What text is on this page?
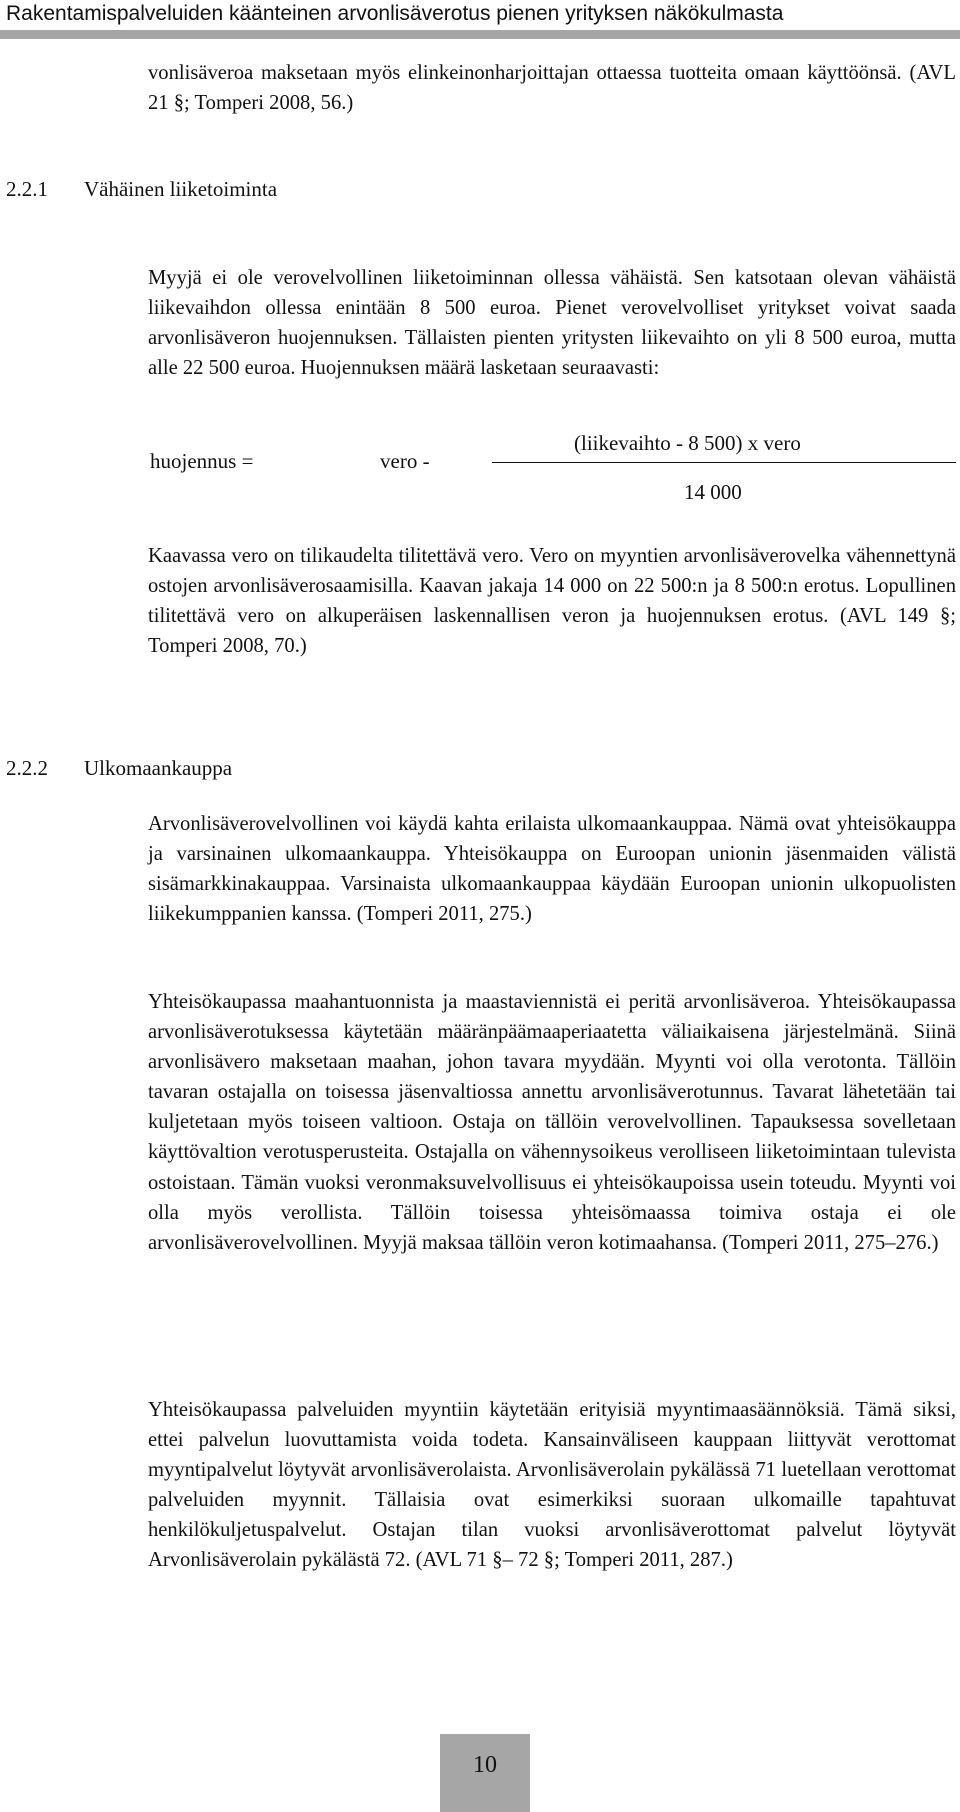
Rakentamispalveluiden käänteinen arvonlisäverotus pienen yrityksen näkökulmasta

vonlisäveroa maksetaan myös elinkeinonharjoittajan ottaessa tuotteita omaan käyttöönsä. (AVL 21 §; Tomperi 2008, 56.)

2.2.1 Vähäinen liiketoiminta

Myyjä ei ole verovelvollinen liiketoiminnan ollessa vähäistä. Sen katsotaan olevan vähäistä liikevaihdon ollessa enintään 8 500 euroa. Pienet verovelvolliset yritykset voivat saada arvonlisäveron huojennuksen. Tällaisten pienten yritysten liikevaihto on yli 8 500 euroa, mutta alle 22 500 euroa. Huojennuksen määrä lasketaan seuraavasti:

huojennus =	vero -
(liikevaihto - 8 500) x vero
14 000

Kaavassa vero on tilikaudelta tilitettävä vero. Vero on myyntien arvonlisäverovelka vähennettynä ostojen arvonlisäverosaamisilla. Kaavan jakaja 14 000 on 22 500:n ja 8 500:n erotus. Lopullinen tilitettävä vero on alkuperäisen laskennallisen veron ja huojennuksen erotus. (AVL 149 §; Tomperi 2008, 70.)

2.2.2 Ulkomaankauppa

Arvonlisäverovelvollinen voi käydä kahta erilaista ulkomaankauppaa. Nämä ovat yhteisökauppa ja varsinainen ulkomaankauppa. Yhteisökauppa on Euroopan unionin jäsenmaiden välistä sisämarkkinakauppaa. Varsinaista ulkomaankauppaa käydään Euroopan unionin ulkopuolisten liikekumppanien kanssa. (Tomperi 2011, 275.)

Yhteisökaupassa maahantuonnista ja maastaviennistä ei peritä arvonlisäveroa. Yhteisökaupassa arvonlisäverotuksessa käytetään määränpäämaaperiaatetta väliaikaisena järjestelmänä. Siinä arvonlisävero maksetaan maahan, johon tavara myydään. Myynti voi olla verotonta. Tällöin tavaran ostajalla on toisessa jäsenvaltiossa annettu arvonlisäverotunnus. Tavarat lähetetään tai kuljetetaan myös toiseen valtioon. Ostaja on tällöin verovelvollinen. Tapauksessa sovelletaan käyttövaltion verotusperusteita. Ostajalla on vähennysoikeus verolliseen liiketoimintaan tulevista ostoistaan. Tämän vuoksi veronmaksuvelvollisuus ei yhteisökaupoissa usein toteudu. Myynti voi olla myös verollista. Tällöin toisessa yhteisömaassa toimiva ostaja ei ole arvonlisäverovelvollinen. Myyjä maksaa tällöin veron kotimaahansa. (Tomperi 2011, 275–276.)

Yhteisökaupassa palveluiden myyntiin käytetään erityisiä myyntimaasäännöksiä. Tämä siksi, ettei palvelun luovuttamista voida todeta. Kansainväliseen kauppaan liittyvät verottomat myyntipalvelut löytyvät arvonlisäverolaista. Arvonlisäverolain pykälässä 71 luetellaan verottomat palveluiden myynnit. Tällaisia ovat esimerkiksi suoraan ulkomaille tapahtuvat henkilökuljetuspalvelut. Ostajan tilan vuoksi arvonlisäverottomat palvelut löytyvät Arvonlisäverolain pykälästä 72. (AVL 71 §– 72 §; Tomperi 2011, 287.)

10
